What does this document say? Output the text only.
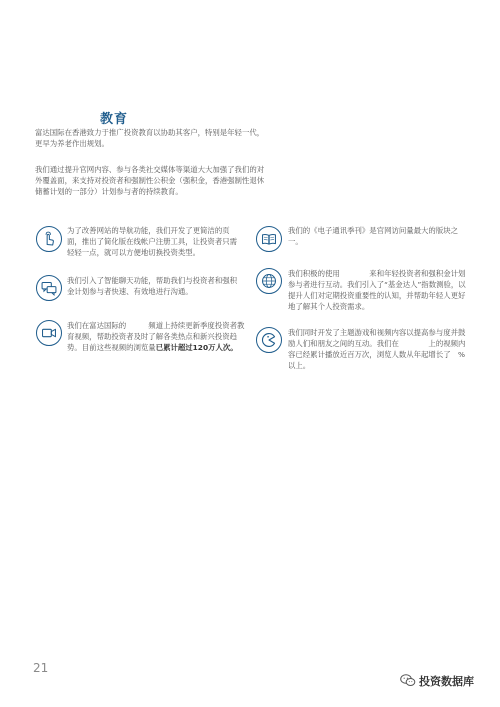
教育
富达国际在香港致力于推广投资教育以协助其客户，特别是年轻一代，更早为养老作出规划。
我们通过提升官网内容、参与各类社交媒体等渠道大大加强了我们的对外覆盖面，来支持对投资者和强制性公积金（强积金，香港强制性退休储蓄计划的一部分）计划参与者的持续教育。
为了改善网站的导航功能，我们开发了更简洁的页面，推出了简化版在线帐户注册工具，让投资者只需轻轻一点，就可以方便地切换投资类型。
我们的《电子通讯季刊》是官网访问量最大的版块之一。
我们引入了智能聊天功能，帮助我们与投资者和强积金计划参与者快速、有效地进行沟通。
我们积极的使用　　　　来和年轻投资者和强积金计划参与者进行互动。我们引入了“基金达人”指数测验，以提升人们对定期投资重要性的认知，并帮助年轻人更好地了解其个人投资需求。
我们在富达国际的　　　频道上持续更新季度投资者教育视频，帮助投资者及时了解各类热点和新兴投资趋势。目前这些视频的浏览量已累计超过120万人次。
我们同时开发了主题游戏和视频内容以提高参与度并鼓励人们和朋友之间的互动。我们在　　　　上的视频内容已经累计播放近百万次，浏览人数从年起增长了　%以上。
21
投资数据库
